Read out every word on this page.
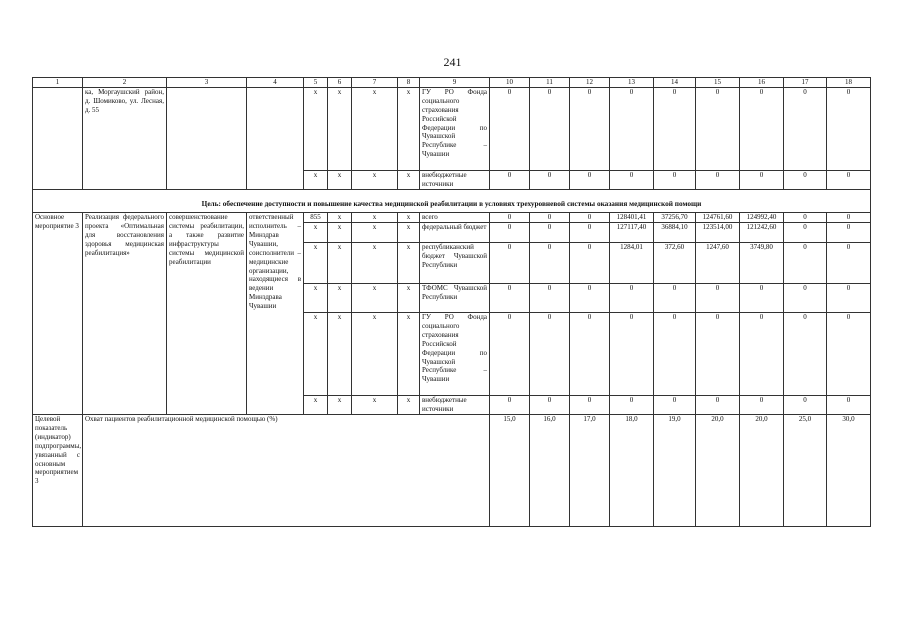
241
1	2	3	4	5	6	7	8	9	10	11	12	13	14	15	16	17	18
	ка, Моргаушский район, д. Шомиково, ул. Лесная, д. 55			х	х	х	х	ГУ РО Фонда социального страхования Российской Федерации по Чувашской Республике – Чувашии	0	0	0	0	0	0	0	0	0
				х	х	х	х	внебюджетные источники	0	0	0	0	0	0	0	0	0
Цель: обеспечение доступности и повышение качества медицинской реабилитации в условиях трехуровневой системы оказания медицинской помощи																	
Основное мероприятие 3	Реализация федерального проекта «Оптимальная для восстановления здоровья медицинская реабилитация»	совершенствование системы реабилитации, а также развитие инфраструктуры системы медицинской реабилитации	ответственный исполнитель – Минздрав Чувашии, соисполнители – медицинские организации, находящиеся в ведении Минздрава Чувашии	855	х	х	х	всего	0	0	0	128401,41	37256,70	124761,60	124992,40	0	0
				х	х	х	х	федеральный бюджет	0	0	0	127117,40	36884,10	123514,00	121242,60	0	0
				х	х	х	х	республиканский бюджет Чувашской Республики	0	0	0	1284,01	372,60	1247,60	3749,80	0	0
				х	х	х	х	ТФОМС Чувашской Республики	0	0	0	0	0	0	0	0	0
				х	х	х	х	ГУ РО Фонда социального страхования Российской Федерации по Чувашской Республике – Чувашии	0	0	0	0	0	0	0	0	0
				х	х	х	х	внебюджетные источники	0	0	0	0	0	0	0	0	0
Целевой показатель (индикатор) подпрограммы, увязанный с основным мероприятием 3	Охват пациентов реабилитационной медицинской помощью (%)								15,0	16,0	17,0	18,0	19,0	20,0	20,0	25,0	30,0
